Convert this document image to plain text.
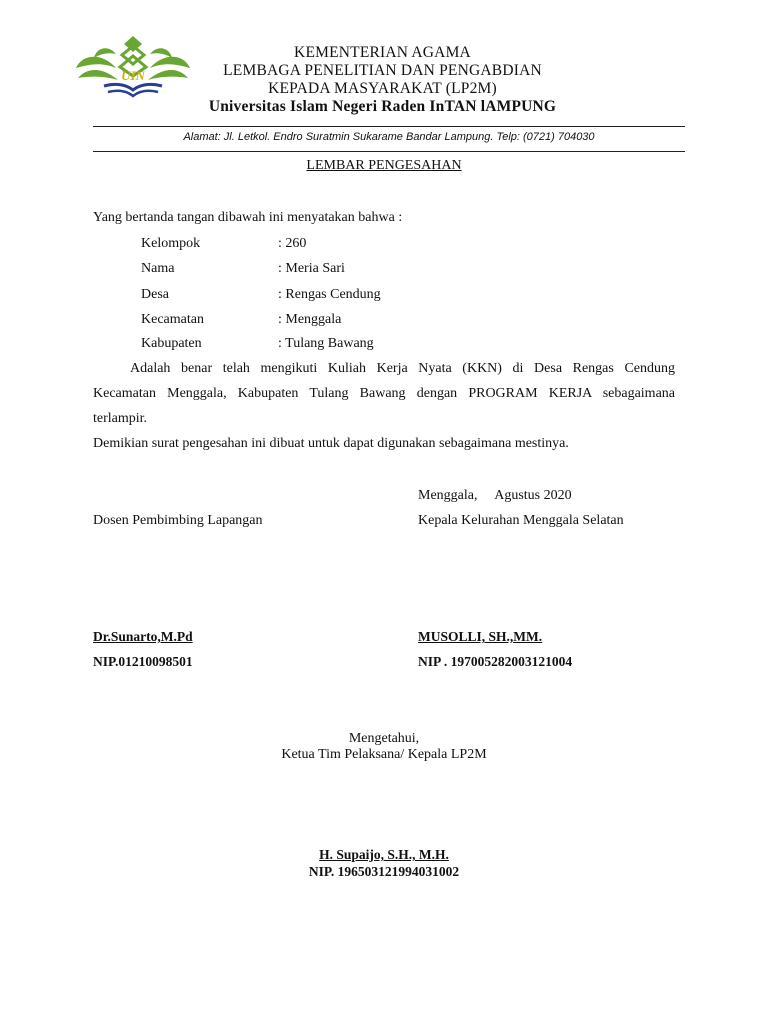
UIN
KEMENTERIAN AGAMA
LEMBAGA PENELITIAN DAN PENGABDIAN
KEPADA MASYARAKAT (LP2M)
Universitas Islam Negeri Raden InTAN lAMPUNG
Alamat: Jl. Letkol. Endro Suratmin Sukarame Bandar Lampung. Telp: (0721) 704030
LEMBAR PENGESAHAN
Yang bertanda tangan dibawah ini menyatakan bahwa :
Kelompok	: 260
Nama	: Meria Sari
Desa	: Rengas Cendung
Kecamatan	: Menggala
Kabupaten	: Tulang Bawang
Adalah benar telah mengikuti Kuliah Kerja Nyata (KKN) di Desa Rengas Cendung
Kecamatan Menggala, Kabupaten Tulang Bawang dengan PROGRAM KERJA sebagaimana
terlampir.
Demikian surat pengesahan ini dibuat untuk dapat digunakan sebagaimana mestinya.
Menggala,     Agustus 2020
Dosen Pembimbing Lapangan	Kepala Kelurahan Menggala Selatan
Dr.Sunarto,M.Pd	MUSOLLI, SH.,MM.
NIP.01210098501	NIP . 197005282003121004
Mengetahui,
Ketua Tim Pelaksana/ Kepala LP2M
H. Supaijo, S.H., M.H.
NIP. 196503121994031002
